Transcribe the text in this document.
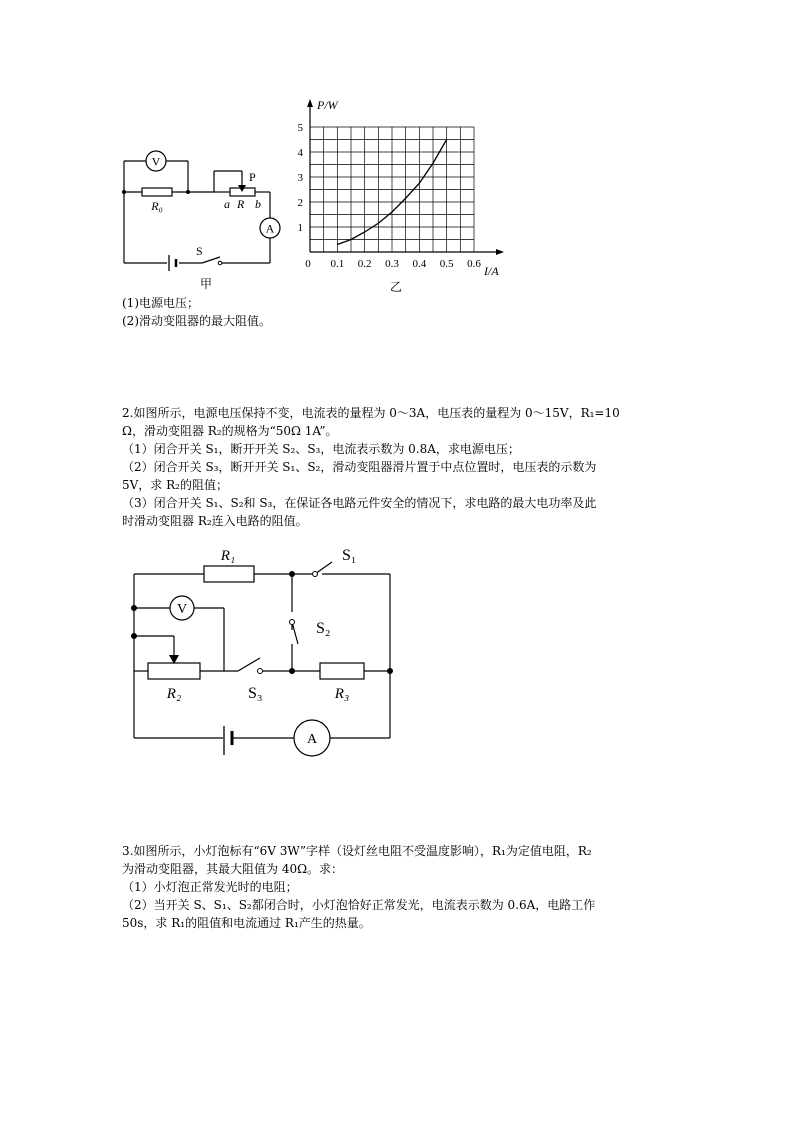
V
A
R₀
P
a R b
S
甲
0 0.1 0.2 0.3 0.4 0.5 0.6
1
2
3
4
5
P/W
I/A
乙
(1)电源电压；
(2)滑动变阻器的最大阻值。
2.如图所示，电源电压保持不变，电流表的量程为 0～3A，电压表的量程为 0～15V，R₁=10
Ω，滑动变阻器 R₂的规格为“50Ω 1A”。
（1）闭合开关 S₁，断开开关 S₂、S₃，电流表示数为 0.8A，求电源电压；
（2）闭合开关 S₃，断开开关 S₁、S₂，滑动变阻器滑片置于中点位置时，电压表的示数为
5V，求 R₂的阻值；
（3）闭合开关 S₁、S₂和 S₃，在保证各电路元件安全的情况下，求电路的最大电功率及此
时滑动变阻器 R₂连入电路的阻值。
V
A
R₁	S₁
S₂
R₂	S₃	R₃
3.如图所示，小灯泡标有“6V 3W”字样（设灯丝电阻不受温度影响），R₁为定值电阻，R₂
为滑动变阻器，其最大阻值为 40Ω。求：
（1）小灯泡正常发光时的电阻；
（2）当开关 S、S₁、S₂都闭合时，小灯泡恰好正常发光，电流表示数为 0.6A，电路工作
50s，求 R₁的阻值和电流通过 R₁产生的热量。
